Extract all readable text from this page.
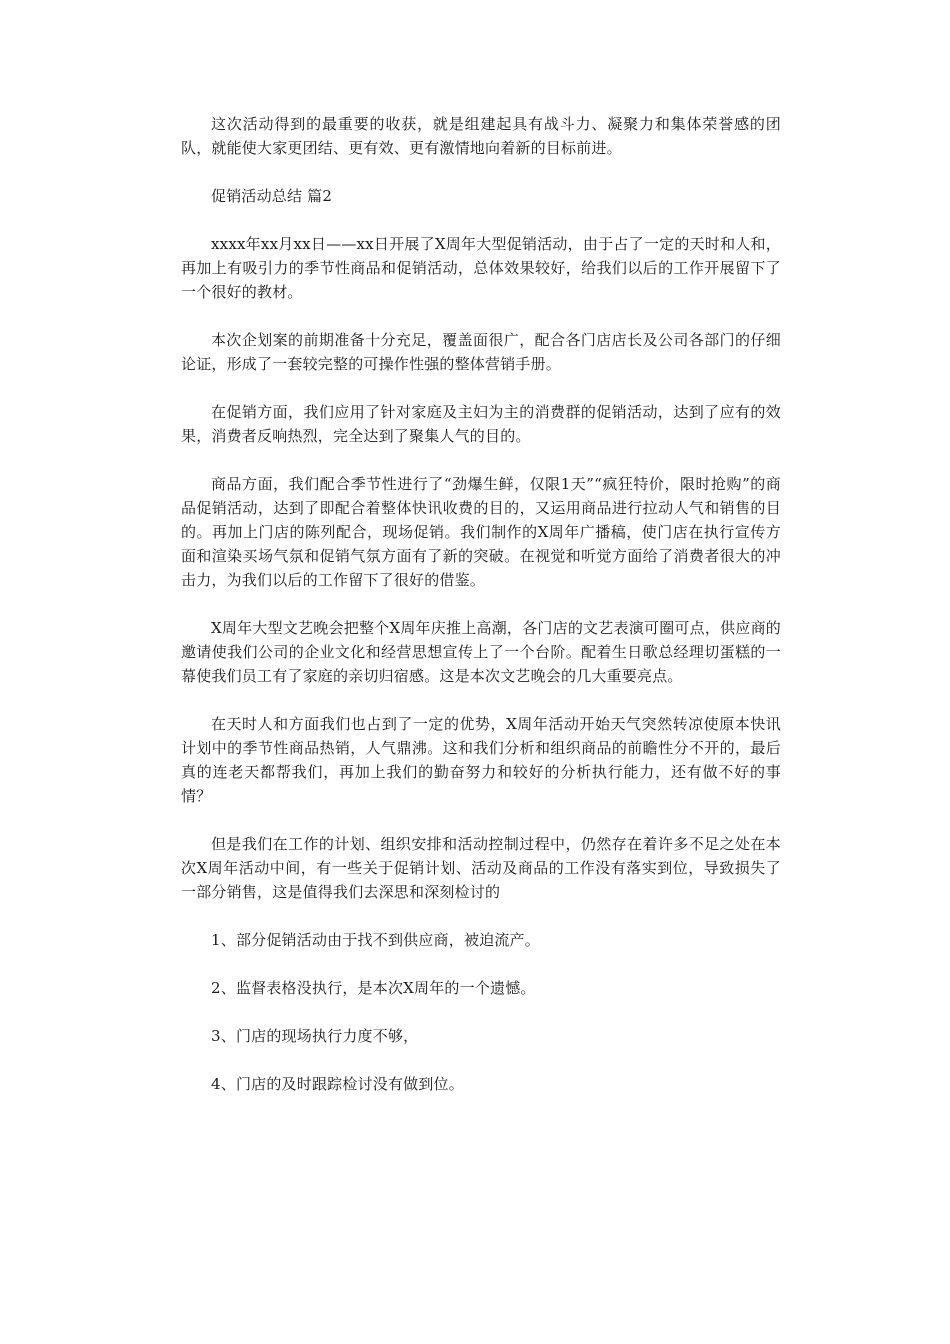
这次活动得到的最重要的收获，就是组建起具有战斗力、凝聚力和集体荣誉感的团队，就能使大家更团结、更有效、更有激情地向着新的目标前进。

促销活动总结 篇2

xxxx年xx月xx日——xx日开展了X周年大型促销活动，由于占了一定的天时和人和，再加上有吸引力的季节性商品和促销活动，总体效果较好，给我们以后的工作开展留下了一个很好的教材。

本次企划案的前期准备十分充足，覆盖面很广，配合各门店店长及公司各部门的仔细论证，形成了一套较完整的可操作性强的整体营销手册。

在促销方面，我们应用了针对家庭及主妇为主的消费群的促销活动，达到了应有的效果，消费者反响热烈，完全达到了聚集人气的目的。

商品方面，我们配合季节性进行了“劲爆生鲜，仅限1天”“疯狂特价，限时抢购”的商品促销活动，达到了即配合着整体快讯收费的目的，又运用商品进行拉动人气和销售的目的。再加上门店的陈列配合，现场促销。我们制作的X周年广播稿，使门店在执行宣传方面和渲染买场气氛和促销气氛方面有了新的突破。在视觉和听觉方面给了消费者很大的冲击力，为我们以后的工作留下了很好的借鉴。

X周年大型文艺晚会把整个X周年庆推上高潮，各门店的文艺表演可圈可点，供应商的邀请使我们公司的企业文化和经营思想宣传上了一个台阶。配着生日歌总经理切蛋糕的一幕使我们员工有了家庭的亲切归宿感。这是本次文艺晚会的几大重要亮点。

在天时人和方面我们也占到了一定的优势，X周年活动开始天气突然转凉使原本快讯计划中的季节性商品热销，人气鼎沸。这和我们分析和组织商品的前瞻性分不开的，最后真的连老天都帮我们，再加上我们的勤奋努力和较好的分析执行能力，还有做不好的事情？

但是我们在工作的计划、组织安排和活动控制过程中，仍然存在着许多不足之处在本次X周年活动中间，有一些关于促销计划、活动及商品的工作没有落实到位，导致损失了一部分销售，这是值得我们去深思和深刻检讨的

1、部分促销活动由于找不到供应商，被迫流产。

2、监督表格没执行，是本次X周年的一个遗憾。

3、门店的现场执行力度不够，

4、门店的及时跟踪检讨没有做到位。
